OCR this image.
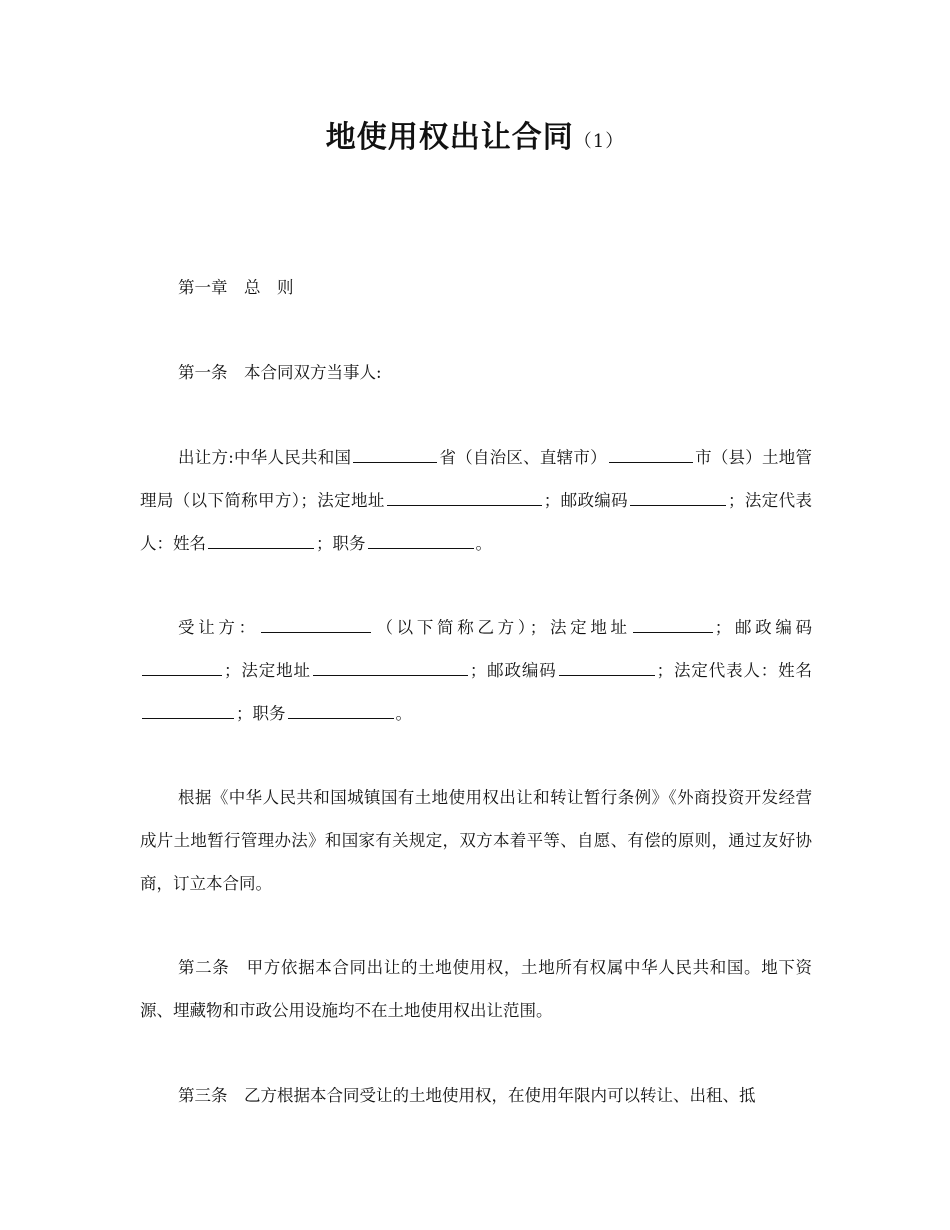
地使用权出让合同（1）

第一章　总　则

第一条　本合同双方当事人:

出让方:中华人民共和国	省（自治区、直辖市）	市（县）土地管理局（以下简称甲方）；法定地址	；邮政编码	；法定代表人：姓名	；职务	。

受让方：	（以下简称乙方）；法定地址	；邮政编码；法定地址	；邮政编码	；法定代表人：姓名；职务	。

根据《中华人民共和国城镇国有土地使用权出让和转让暂行条例》《外商投资开发经营成片土地暂行管理办法》和国家有关规定，双方本着平等、自愿、有偿的原则，通过友好协商，订立本合同。

第二条　甲方依据本合同出让的土地使用权，土地所有权属中华人民共和国。地下资源、埋藏物和市政公用设施均不在土地使用权出让范围。

第三条　乙方根据本合同受让的土地使用权，在使用年限内可以转让、出租、抵
